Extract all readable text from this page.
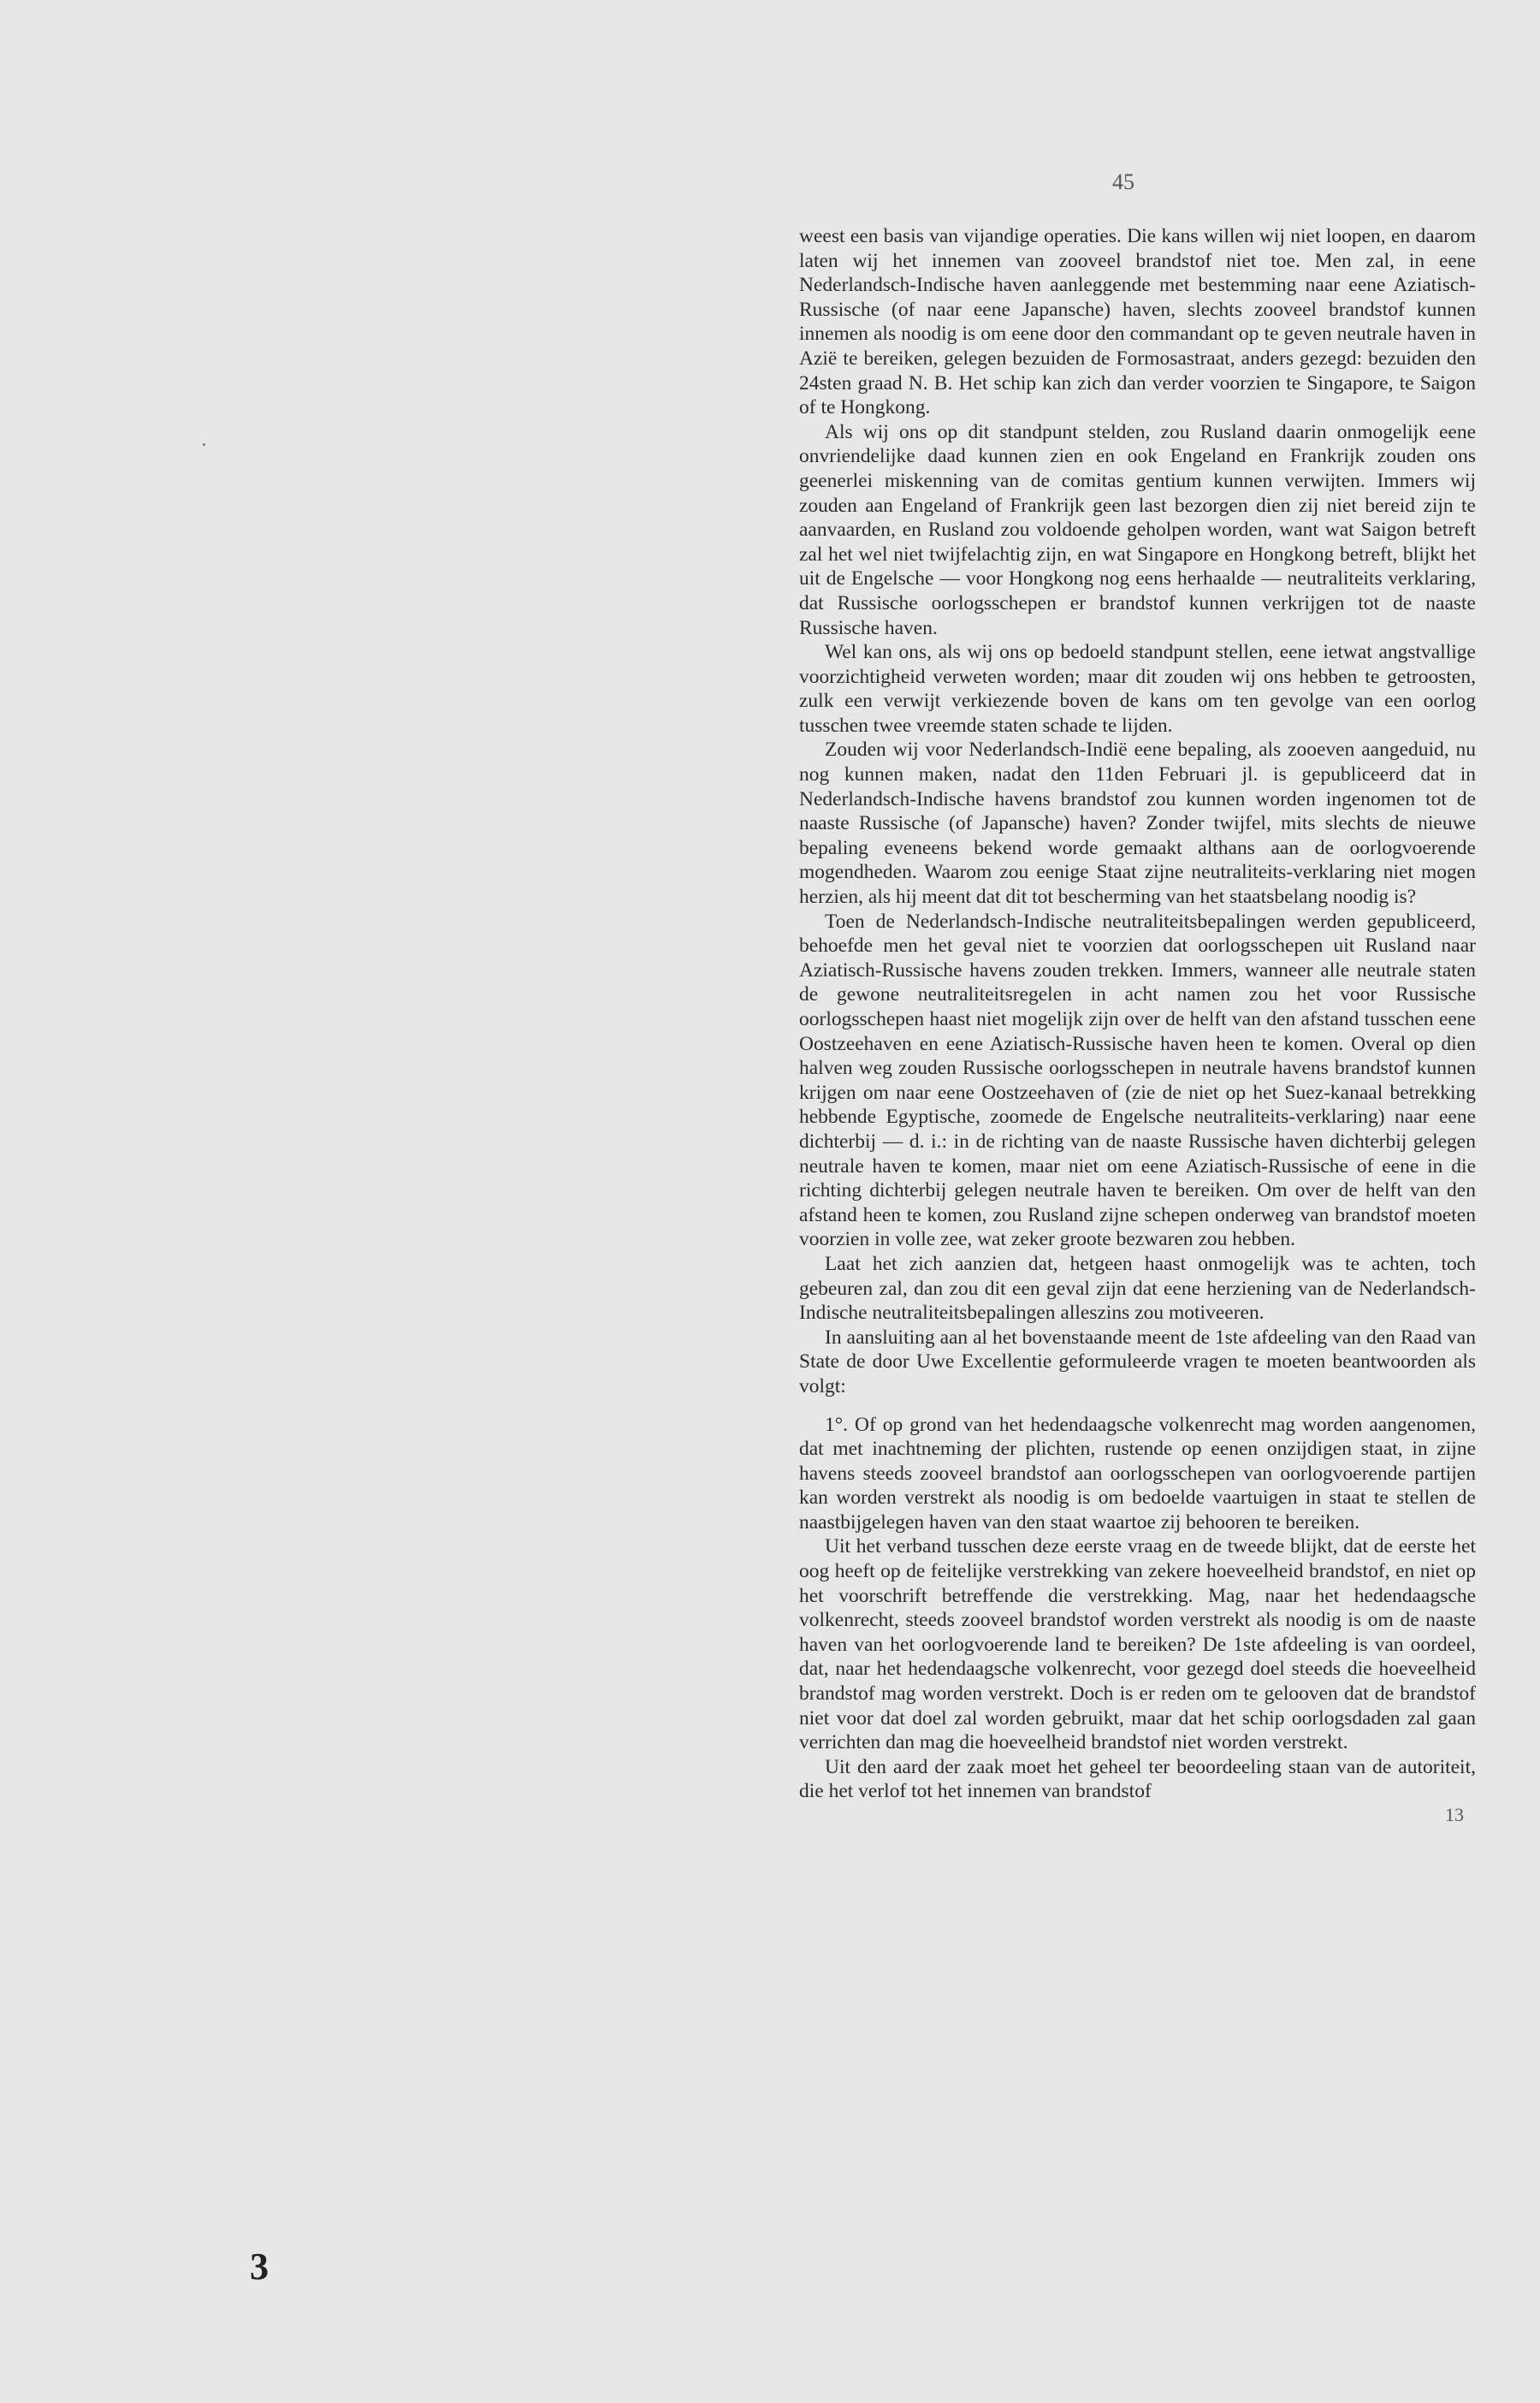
45

weest een basis van vijandige operaties. Die kans willen wij niet loopen, en daarom laten wij het innemen van zooveel brandstof niet toe. Men zal, in eene Nederlandsch-Indische haven aanleggende met bestemming naar eene Aziatisch-Russische (of naar eene Japansche) haven, slechts zooveel brandstof kunnen innemen als noodig is om eene door den commandant op te geven neutrale haven in Azië te bereiken, gelegen bezuiden de Formosastraat, anders gezegd: bezuiden den 24sten graad N. B. Het schip kan zich dan verder voorzien te Singapore, te Saigon of te Hongkong.

Als wij ons op dit standpunt stelden, zou Rusland daarin onmogelijk eene onvriendelijke daad kunnen zien en ook Engeland en Frankrijk zouden ons geenerlei miskenning van de comitas gentium kunnen verwijten. Immers wij zouden aan Engeland of Frankrijk geen last bezorgen dien zij niet bereid zijn te aanvaarden, en Rusland zou voldoende geholpen worden, want wat Saigon betreft zal het wel niet twijfelachtig zijn, en wat Singapore en Hongkong betreft, blijkt het uit de Engelsche — voor Hongkong nog eens herhaalde — neutraliteits verklaring, dat Russische oorlogsschepen er brandstof kunnen verkrijgen tot de naaste Russische haven.

Wel kan ons, als wij ons op bedoeld standpunt stellen, eene ietwat angstvallige voorzichtigheid verweten worden; maar dit zouden wij ons hebben te getroosten, zulk een verwijt verkiezende boven de kans om ten gevolge van een oorlog tusschen twee vreemde staten schade te lijden.

Zouden wij voor Nederlandsch-Indië eene bepaling, als zooeven aangeduid, nu nog kunnen maken, nadat den 11den Februari jl. is gepubliceerd dat in Nederlandsch-Indische havens brandstof zou kunnen worden ingenomen tot de naaste Russische (of Japansche) haven? Zonder twijfel, mits slechts de nieuwe bepaling eveneens bekend worde gemaakt althans aan de oorlogvoerende mogendheden. Waarom zou eenige Staat zijne neutraliteits-verklaring niet mogen herzien, als hij meent dat dit tot bescherming van het staatsbelang noodig is?

Toen de Nederlandsch-Indische neutraliteitsbepalingen werden gepubliceerd, behoefde men het geval niet te voorzien dat oorlogsschepen uit Rusland naar Aziatisch-Russische havens zouden trekken. Immers, wanneer alle neutrale staten de gewone neutraliteitsregelen in acht namen zou het voor Russische oorlogsschepen haast niet mogelijk zijn over de helft van den afstand tusschen eene Oostzeehaven en eene Aziatisch-Russische haven heen te komen. Overal op dien halven weg zouden Russische oorlogsschepen in neutrale havens brandstof kunnen krijgen om naar eene Oostzeehaven of (zie de niet op het Suez-kanaal betrekking hebbende Egyptische, zoomede de Engelsche neutraliteits-verklaring) naar eene dichterbij — d. i.: in de richting van de naaste Russische haven dichterbij gelegen neutrale haven te komen, maar niet om eene Aziatisch-Russische of eene in die richting dichterbij gelegen neutrale haven te bereiken. Om over de helft van den afstand heen te komen, zou Rusland zijne schepen onderweg van brandstof moeten voorzien in volle zee, wat zeker groote bezwaren zou hebben.

Laat het zich aanzien dat, hetgeen haast onmogelijk was te achten, toch gebeuren zal, dan zou dit een geval zijn dat eene herziening van de Nederlandsch-Indische neutraliteitsbepalingen alleszins zou motiveeren.

In aansluiting aan al het bovenstaande meent de 1ste afdeeling van den Raad van State de door Uwe Excellentie geformuleerde vragen te moeten beantwoorden als volgt:

1°. Of op grond van het hedendaagsche volkenrecht mag worden aangenomen, dat met inachtneming der plichten, rustende op eenen onzijdigen staat, in zijne havens steeds zooveel brandstof aan oorlogsschepen van oorlogvoerende partijen kan worden verstrekt als noodig is om bedoelde vaartuigen in staat te stellen de naastbijgelegen haven van den staat waartoe zij behooren te bereiken.

Uit het verband tusschen deze eerste vraag en de tweede blijkt, dat de eerste het oog heeft op de feitelijke verstrekking van zekere hoeveelheid brandstof, en niet op het voorschrift betreffende die verstrekking. Mag, naar het hedendaagsche volkenrecht, steeds zooveel brandstof worden verstrekt als noodig is om de naaste haven van het oorlogvoerende land te bereiken? De 1ste afdeeling is van oordeel, dat, naar het hedendaagsche volkenrecht, voor gezegd doel steeds die hoeveelheid brandstof mag worden verstrekt. Doch is er reden om te gelooven dat de brandstof niet voor dat doel zal worden gebruikt, maar dat het schip oorlogsdaden zal gaan verrichten dan mag die hoeveelheid brandstof niet worden verstrekt.

Uit den aard der zaak moet het geheel ter beoordeeling staan van de autoriteit, die het verlof tot het innemen van brandstof

13
3
